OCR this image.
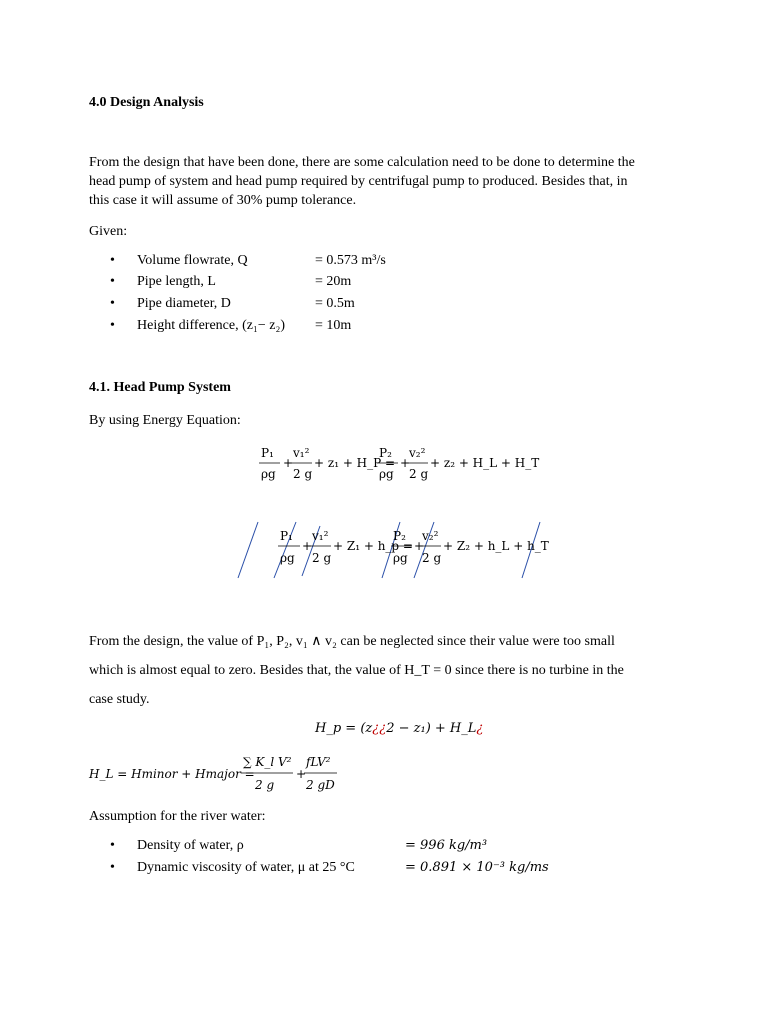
4.0 Design Analysis
From the design that have been done, there are some calculation need to be done to determine the
head pump of system and head pump required by centrifugal pump to produced. Besides that, in
this case it will assume of 30% pump tolerance.
Given:
• Volume flowrate, Q	= 0.573 m³/s
• Pipe length, L	= 20m
• Pipe diameter, D	= 0.5m
• Height difference, (z₁− z₂) = 10m
4.1. Head Pump System
By using Energy Equation:
P₁
ρg
+
v₁²
2 g
+ z₁ + H_P =
P₂
ρg
+
v₂²
2 g
+ z₂ + H_L + H_T
P₁
ρg
+
v₁²
2 g
+ Z₁ + h_p =
P₂
ρg
+
v₂²
2 g
+ Z₂ + h_L + h_T
From the design, the value of P₁, P₂, v₁ ∧ v₂ can be neglected since their value were too small
which is almost equal to zero. Besides that, the value of H_T = 0 since there is no turbine in the
case study.
H_p = (z¿¿2 − z₁) + H_L¿
H_L = Hminor + Hmajor =
∑ K_l V²
2 g
+
fLV²
2 gD
Assumption for the river water:
• Density of water, ρ	= 996 kg/m³
• Dynamic viscosity of water, μ at 25 °C	= 0.891 × 10⁻³ kg/ms
